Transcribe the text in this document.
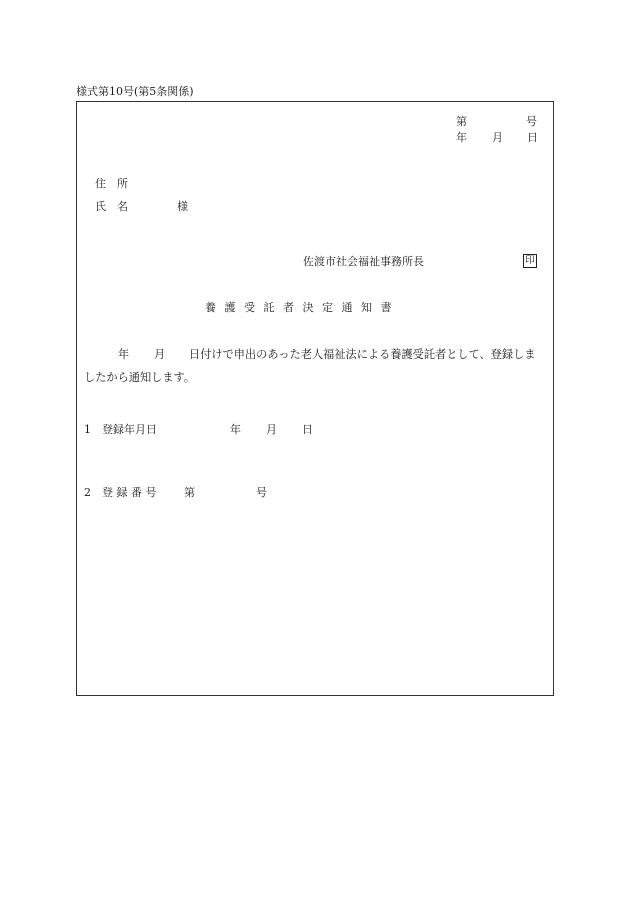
様式第10号(第5条関係)
第	号
年 月 日
住　所
氏　名	様
佐渡市社会福祉事務所長	印
養護受託者決定通知書
年 月 日付けで申出のあった老人福祉法による養護受託者として、登録しま
したから通知します。
1 登録年月日	年 月 日
2 登 録 番 号	第	号
